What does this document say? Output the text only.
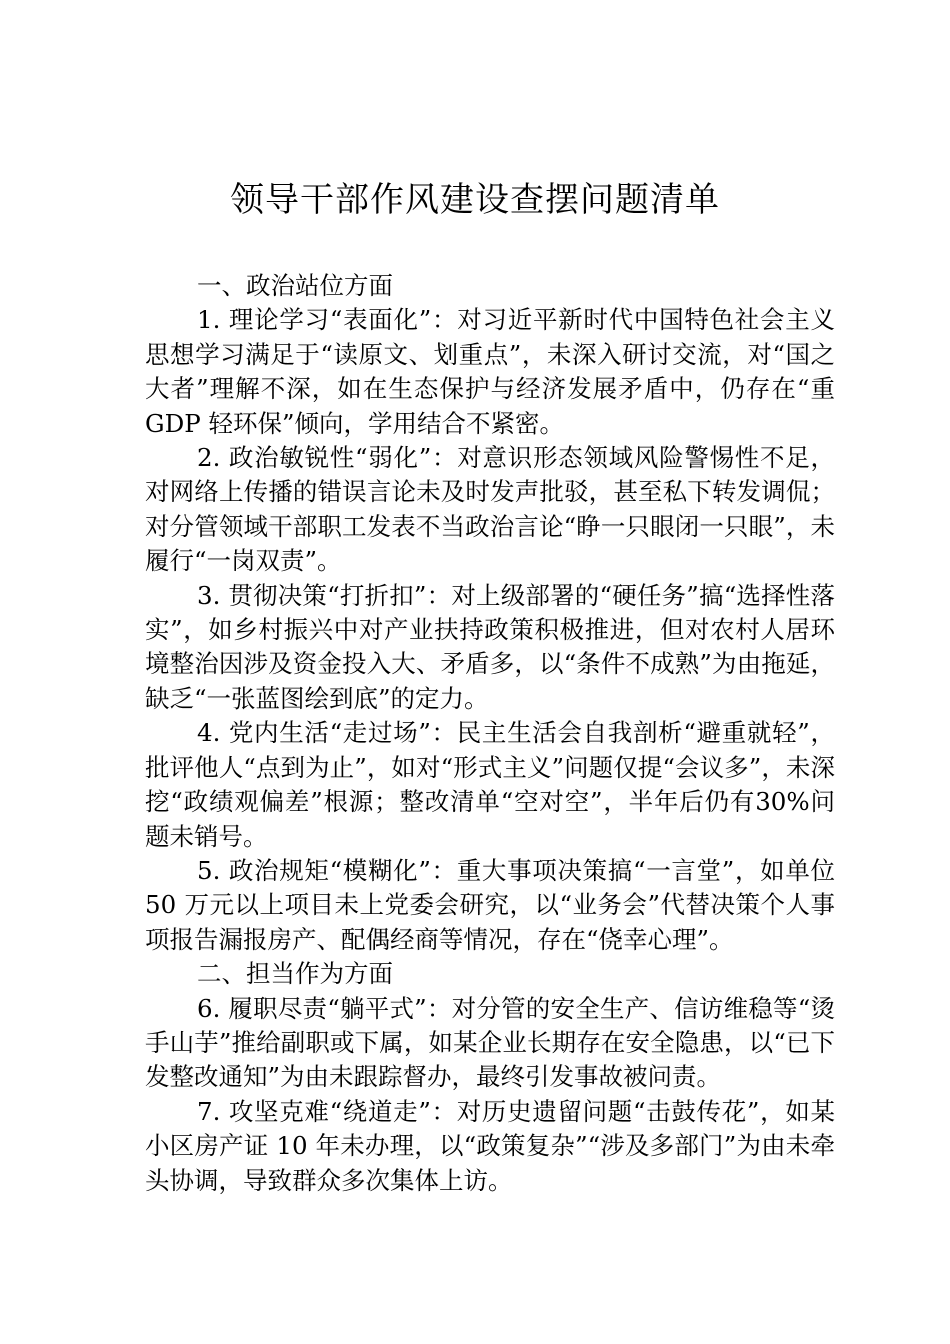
领导干部作风建设查摆问题清单

一、政治站位方面

1. 理论学习“表面化”：对习近平新时代中国特色社会主义思想学习满足于“读原文、划重点”，未深入研讨交流，对“国之大者”理解不深，如在生态保护与经济发展矛盾中，仍存在“重 GDP 轻环保”倾向，学用结合不紧密。

2. 政治敏锐性“弱化”：对意识形态领域风险警惕性不足，对网络上传播的错误言论未及时发声批驳，甚至私下转发调侃；对分管领域干部职工发表不当政治言论“睁一只眼闭一只眼”，未履行“一岗双责”。

3. 贯彻决策“打折扣”：对上级部署的“硬任务”搞“选择性落实”，如乡村振兴中对产业扶持政策积极推进，但对农村人居环境整治因涉及资金投入大、矛盾多，以“条件不成熟”为由拖延，缺乏“一张蓝图绘到底”的定力。

4. 党内生活“走过场”：民主生活会自我剖析“避重就轻”，批评他人“点到为止”，如对“形式主义”问题仅提“会议多”，未深挖“政绩观偏差”根源；整改清单“空对空”，半年后仍有30%问题未销号。

5. 政治规矩“模糊化”：重大事项决策搞“一言堂”，如单位 50 万元以上项目未上党委会研究，以“业务会”代替决策个人事项报告漏报房产、配偶经商等情况，存在“侥幸心理”。

二、担当作为方面

6. 履职尽责“躺平式”：对分管的安全生产、信访维稳等“烫手山芋”推给副职或下属，如某企业长期存在安全隐患，以“已下发整改通知”为由未跟踪督办，最终引发事故被问责。

7. 攻坚克难“绕道走”：对历史遗留问题“击鼓传花”，如某小区房产证 10 年未办理，以“政策复杂”“涉及多部门”为由未牵头协调，导致群众多次集体上访。
